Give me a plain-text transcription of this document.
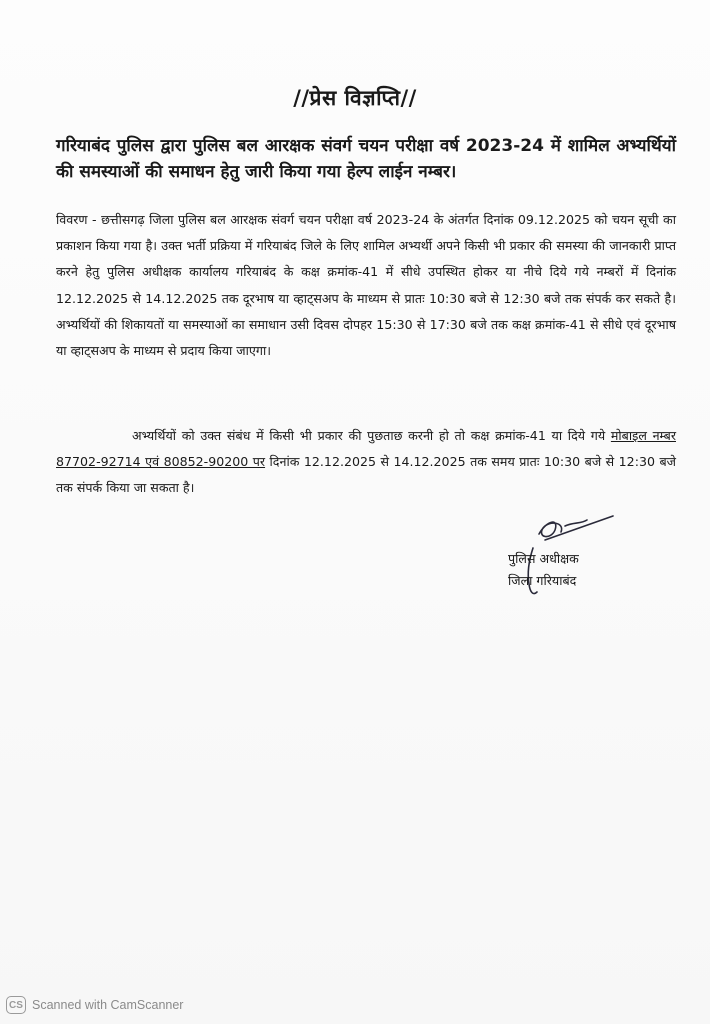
//प्रेस विज्ञप्ति//
गरियाबंद पुलिस द्वारा पुलिस बल आरक्षक संवर्ग चयन परीक्षा वर्ष 2023-24 में शामिल अभ्यर्थियों की समस्याओं की समाधन हेतु जारी किया गया हेल्प लाईन नम्बर।
विवरण - छत्तीसगढ़ जिला पुलिस बल आरक्षक संवर्ग चयन परीक्षा वर्ष 2023-24 के अंतर्गत दिनांक 09.12.2025 को चयन सूची का प्रकाशन किया गया है। उक्त भर्ती प्रक्रिया में गरियाबंद जिले के लिए शामिल अभ्यर्थी अपने किसी भी प्रकार की समस्या की जानकारी प्राप्त करने हेतु पुलिस अधीक्षक कार्यालय गरियाबंद के कक्ष क्रमांक-41 में सीधे उपस्थित होकर या नीचे दिये गये नम्बरों में दिनांक 12.12.2025 से 14.12.2025 तक दूरभाष या व्हाट्सअप के माध्यम से प्रातः 10:30 बजे से 12:30 बजे तक संपर्क कर सकते है। अभ्यर्थियों की शिकायतों या समस्याओं का समाधान उसी दिवस दोपहर 15:30 से 17:30 बजे तक कक्ष क्रमांक-41 से सीधे एवं दूरभाष या व्हाट्सअप के माध्यम से प्रदाय किया जाएगा।
अभ्यर्थियों को उक्त संबंध में किसी भी प्रकार की पुछताछ करनी हो तो कक्ष क्रमांक-41 या दिये गये मोबाइल नम्बर 87702-92714 एवं 80852-90200 पर दिनांक 12.12.2025 से 14.12.2025 तक समय प्रातः 10:30 बजे से 12:30 बजे तक संपर्क किया जा सकता है।
पुलिस अधीक्षक
जिला गरियाबंद
CS Scanned with CamScanner
